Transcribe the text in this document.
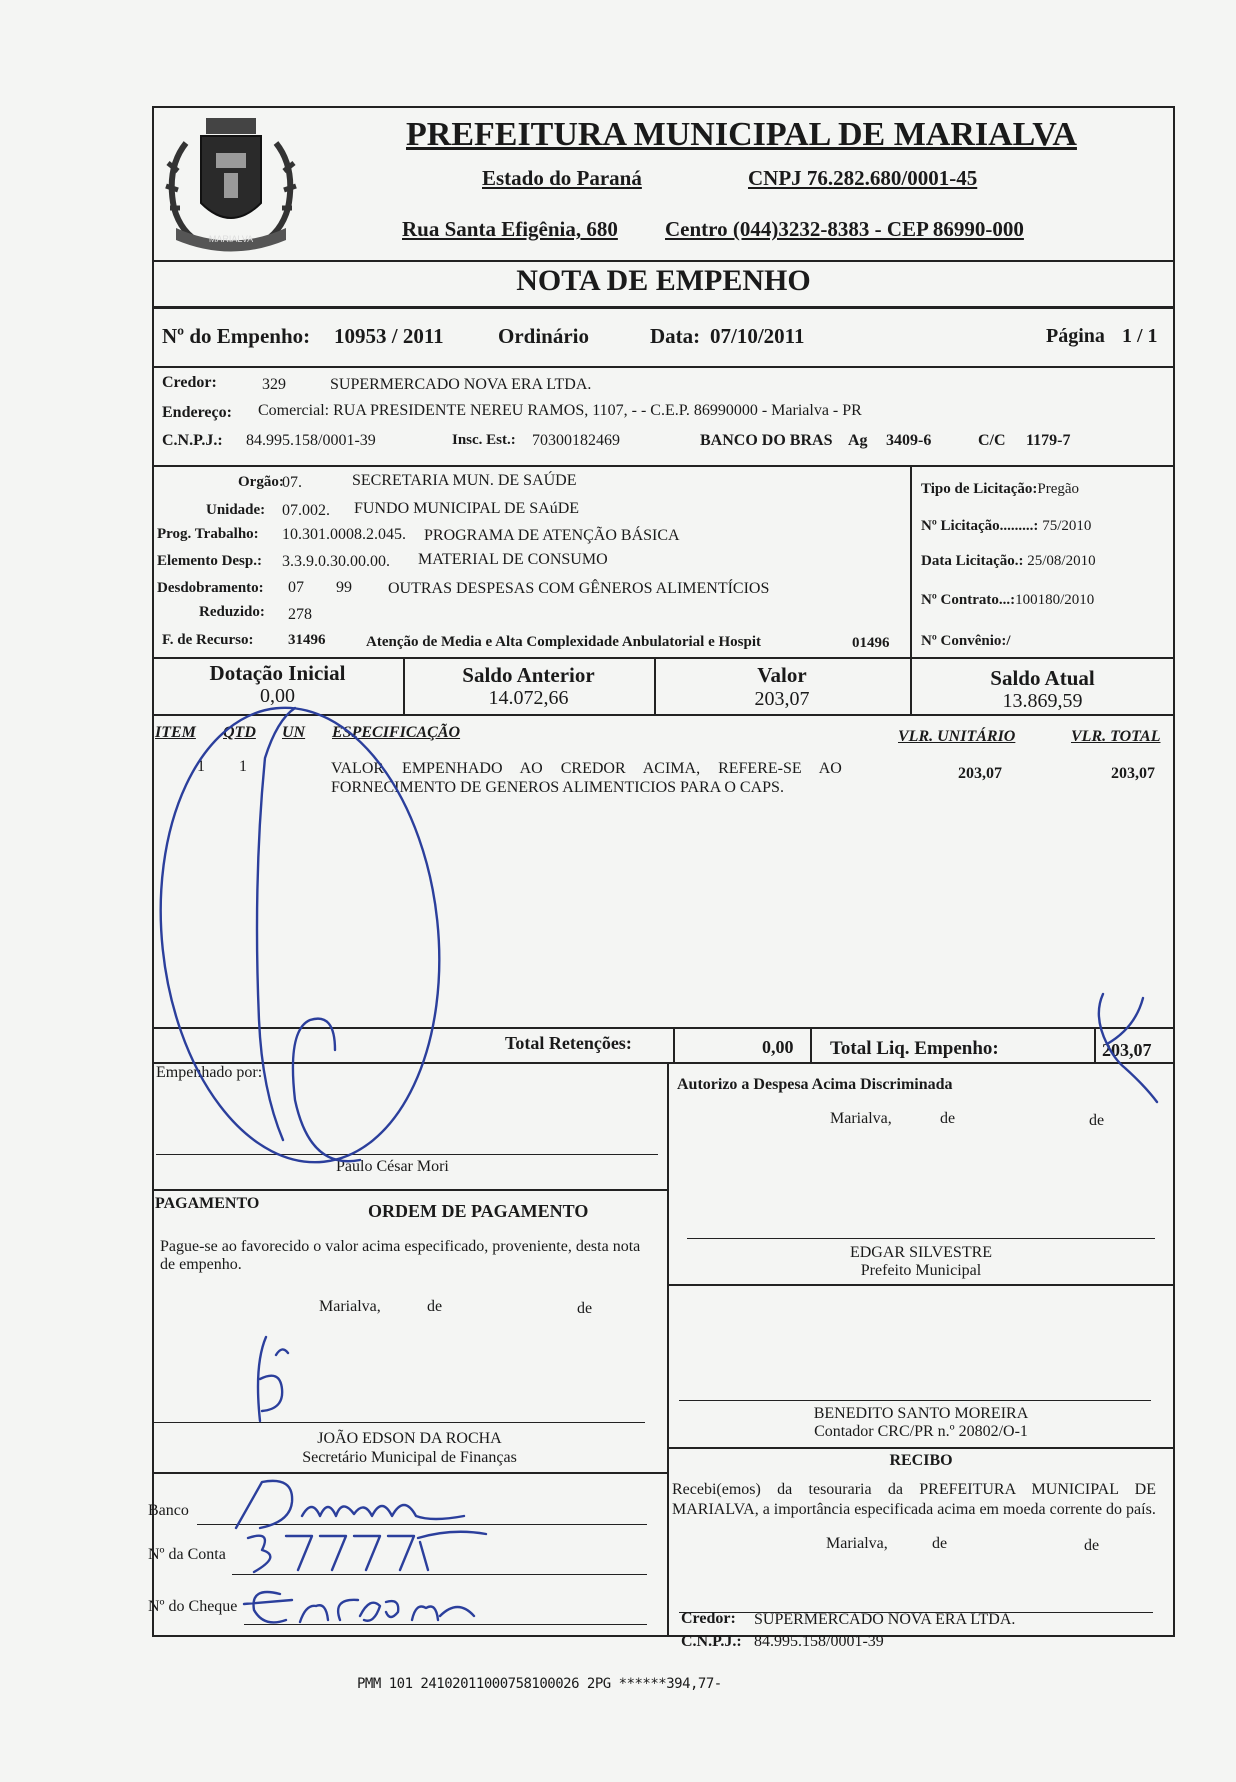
MARIALVA
PREFEITURA MUNICIPAL DE MARIALVA
Estado do Paraná	CNPJ 76.282.680/0001-45
Rua Santa Efigênia, 680 Centro (044)3232-8383 - CEP 86990-000
NOTA DE EMPENHO
Nº do Empenho: 10953 / 2011	Ordinário	Data: 07/10/2011	Página 1 / 1
Credor:	329	SUPERMERCADO NOVA ERA LTDA.
Endereço: Comercial: RUA PRESIDENTE NEREU RAMOS, 1107, - - C.E.P. 86990000 - Marialva - PR
C.N.P.J.: 84.995.158/0001-39	Insc. Est.: 70300182469	BANCO DO BRAS Ag 3409-6	C/C 1179-7
Orgão:
07.	SECRETARIA MUN. DE SAÚDE
Unidade: 07.002. FUNDO MUNICIPAL DE SAúDE
Prog. Trabalho: 10.301.0008.2.045. PROGRAMA DE ATENÇÃO BÁSICA
Elemento Desp.: 3.3.9.0.30.00.00. MATERIAL DE CONSUMO
Desdobramento: 07 99 OUTRAS DESPESAS COM GÊNEROS ALIMENTÍCIOS
Reduzido: 278
F. de Recurso: 31496	Atenção de Media e Alta Complexidade Anbulatorial e Hospit	01496
Tipo de Licitação:Pregão
Nº Licitação.........: 75/2010
Data Licitação.: 25/08/2010
Nº Contrato...:100180/2010
Nº Convênio:/
Dotação Inicial
0,00
Saldo Anterior
14.072,66
Valor
203,07
Saldo Atual
13.869,59
ITEM QTD UN ESPECIFICAÇÃO	VLR. UNITÁRIO	VLR. TOTAL
1 1	VALOR EMPENHADO AO CREDOR ACIMA, REFERE-SE AO
FORNECIMENTO DE GENEROS ALIMENTICIOS PARA O CAPS.
203,07	203,07
Total Retenções:	0,00 Total Liq. Empenho:	203,07
Empenhado por:
Paulo César Mori
PAGAMENTO	ORDEM DE PAGAMENTO
Pague-se ao favorecido o valor acima especificado, proveniente, desta nota de empenho.
Marialva,	de	de
JOÃO EDSON DA ROCHA
Secretário Municipal de Finanças
Banco
Nº da Conta
Nº do Cheque
Autorizo a Despesa Acima Discriminada
Marialva,	de	de
EDGAR SILVESTRE
Prefeito Municipal
BENEDITO SANTO MOREIRA
Contador CRC/PR n.º 20802/O-1
RECIBO
Recebi(emos) da tesouraria da PREFEITURA MUNICIPAL DE MARIALVA, a importância especificada acima em moeda corrente do país.
Marialva,	de	de
Credor: SUPERMERCADO NOVA ERA LTDA.
C.N.P.J.: 84.995.158/0001-39
PMM 101 24102011000758100026 2PG ******394,77-
